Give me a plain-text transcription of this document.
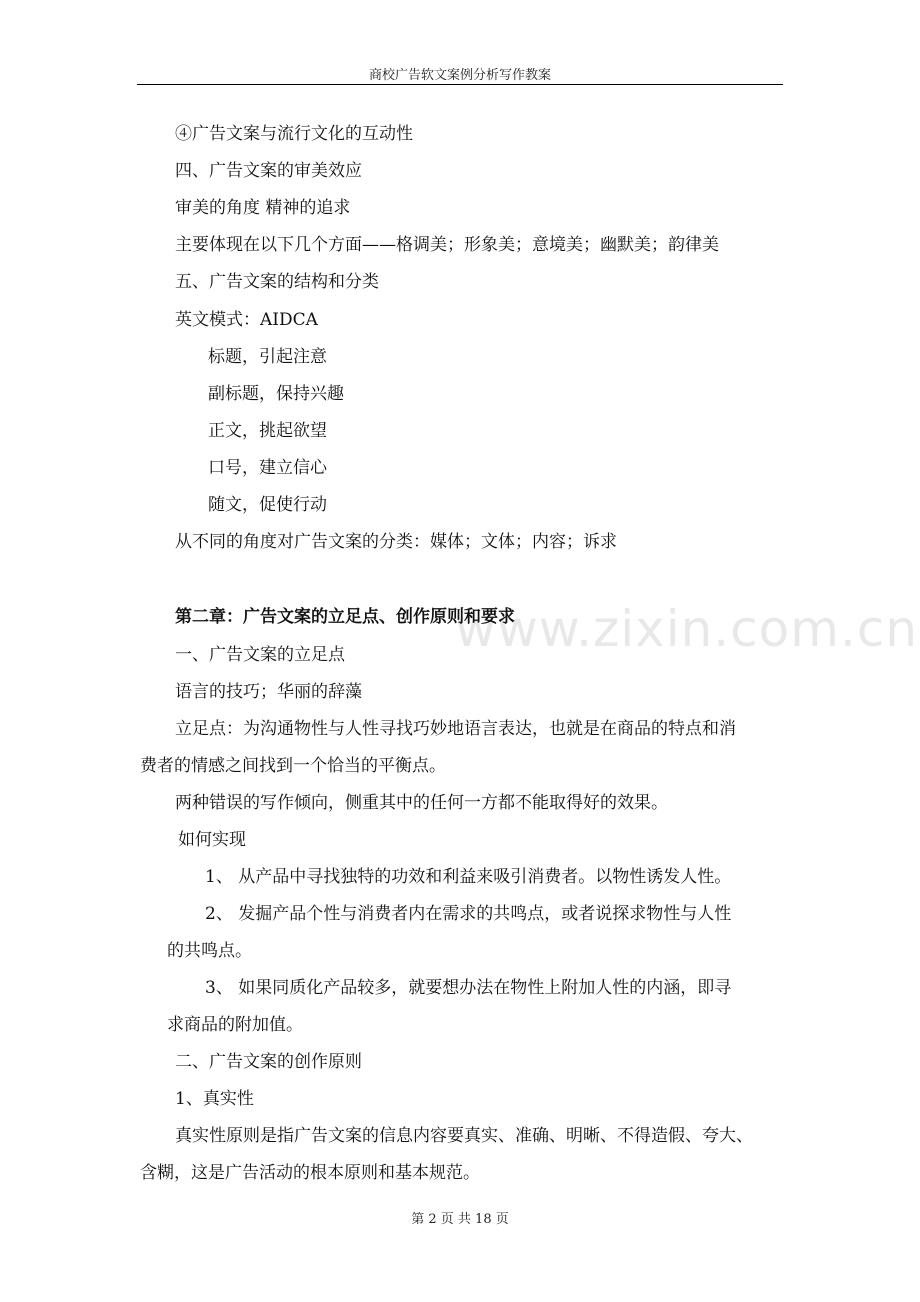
商校广告软文案例分析写作教案
④广告文案与流行文化的互动性
四、广告文案的审美效应
审美的角度 精神的追求
主要体现在以下几个方面——格调美；形象美；意境美；幽默美；韵律美
五、广告文案的结构和分类
英文模式：AIDCA
标题，引起注意
副标题，保持兴趣
正文，挑起欲望
口号，建立信心
随文，促使行动
从不同的角度对广告文案的分类：媒体；文体；内容；诉求
www.zixin.com.cn
第二章：广告文案的立足点、创作原则和要求
一、广告文案的立足点
语言的技巧；华丽的辞藻
立足点：为沟通物性与人性寻找巧妙地语言表达，也就是在商品的特点和消
费者的情感之间找到一个恰当的平衡点。
两种错误的写作倾向，侧重其中的任何一方都不能取得好的效果。
如何实现
1、 从产品中寻找独特的功效和利益来吸引消费者。以物性诱发人性。
2、 发掘产品个性与消费者内在需求的共鸣点，或者说探求物性与人性
的共鸣点。
3、 如果同质化产品较多，就要想办法在物性上附加人性的内涵，即寻
求商品的附加值。
二、广告文案的创作原则
1、真实性
真实性原则是指广告文案的信息内容要真实、准确、明晰、不得造假、夸大、
含糊，这是广告活动的根本原则和基本规范。
第 2 页 共 18 页
